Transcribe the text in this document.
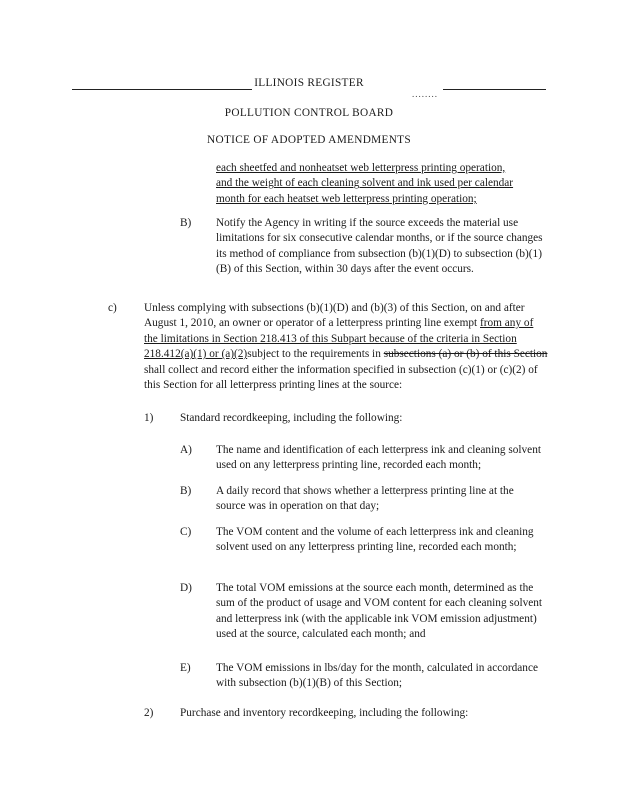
........
ILLINOIS REGISTER
POLLUTION CONTROL BOARD
NOTICE OF ADOPTED AMENDMENTS

each sheetfed and nonheatset web letterpress printing operation,

and the weight of each cleaning solvent and ink used per calendar

month for each heatset web letterpress printing operation;

B) Notify the Agency in writing if the source exceeds the material use limitations for six consecutive calendar months, or if the source changes its method of compliance from subsection (b)(1)(D) to subsection (b)(1)(B) of this Section, within 30 days after the event occurs.
c) Unless complying with subsections (b)(1)(D) and (b)(3) of this Section, on and after August 1, 2010, an owner or operator of a letterpress printing line exempt from any of the limitations in Section 218.413 of this Subpart because of the criteria in Section 218.412(a)(1) or (a)(2)subject to the requirements in subsections (a) or (b) of this Section shall collect and record either the information specified in subsection (c)(1) or (c)(2) of this Section for all letterpress printing lines at the source:
1) Standard recordkeeping, including the following:
A) The name and identification of each letterpress ink and cleaning solvent used on any letterpress printing line, recorded each month;
B) A daily record that shows whether a letterpress printing line at the source was in operation on that day;
C) The VOM content and the volume of each letterpress ink and cleaning solvent used on any letterpress printing line, recorded each month;
D) The total VOM emissions at the source each month, determined as the sum of the product of usage and VOM content for each cleaning solvent and letterpress ink (with the applicable ink VOM emission adjustment) used at the source, calculated each month; and
E) The VOM emissions in lbs/day for the month, calculated in accordance with subsection (b)(1)(B) of this Section;
2) Purchase and inventory recordkeeping, including the following:
